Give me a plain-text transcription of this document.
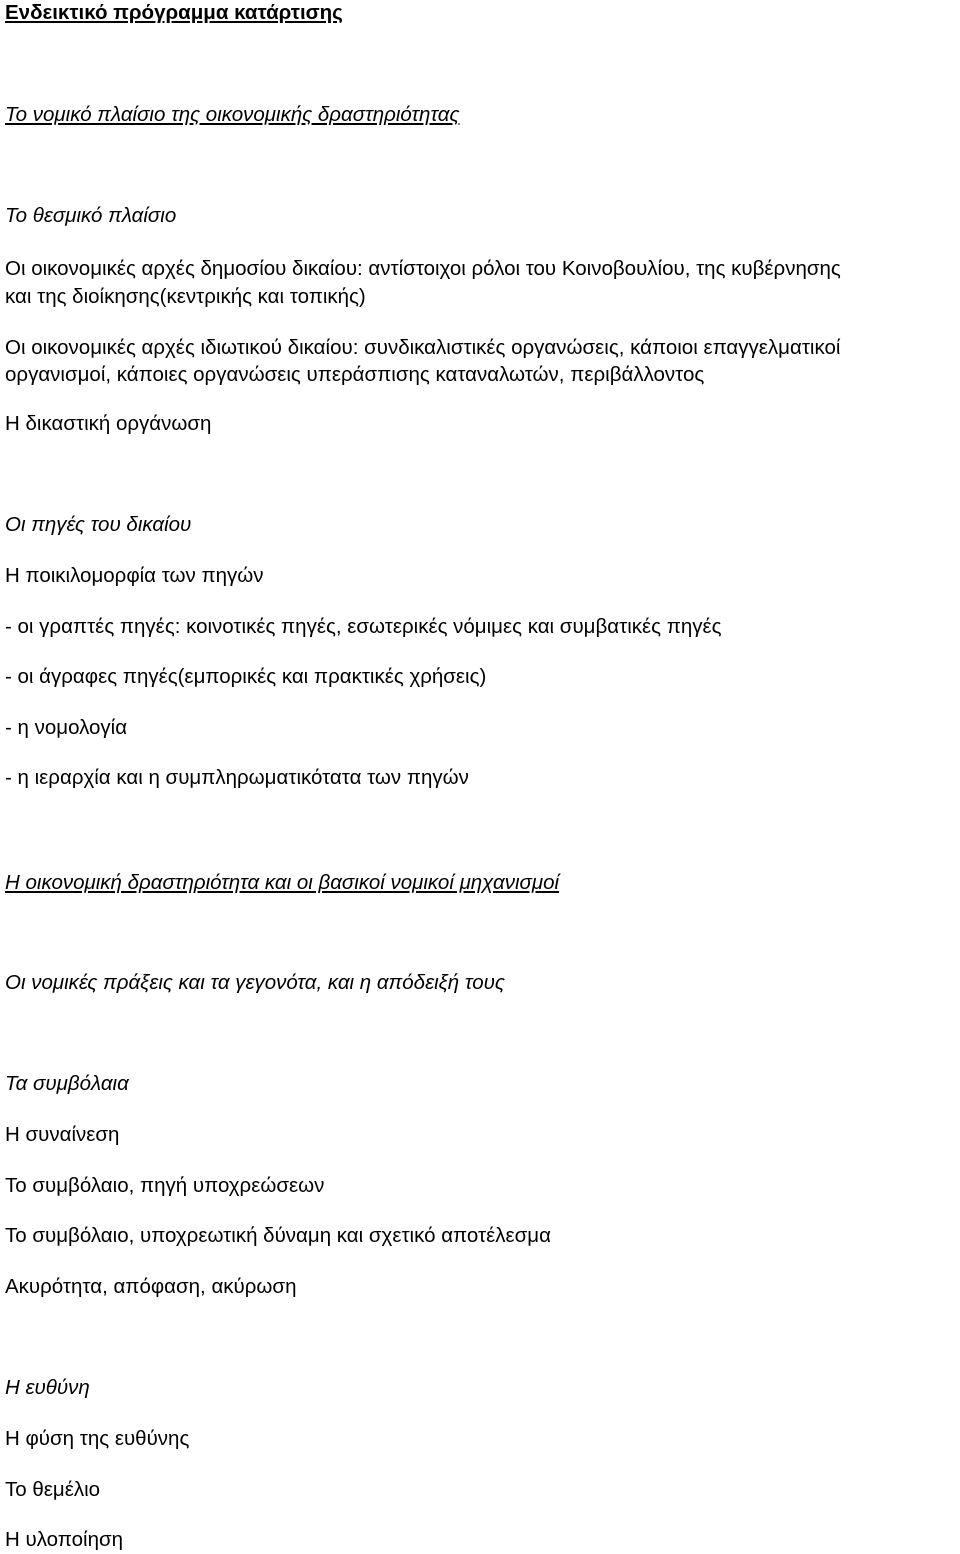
Ενδεικτικό πρόγραμμα κατάρτισης

Το νομικό πλαίσιο της οικονομικής δραστηριότητας

Το θεσμικό πλαίσιο

Οι οικονομικές αρχές δημοσίου δικαίου: αντίστοιχοι ρόλοι του Κοινοβουλίου, της κυβέρνησης

και της διοίκησης(κεντρικής και τοπικής)

Οι οικονομικές αρχές ιδιωτικού δικαίου: συνδικαλιστικές οργανώσεις, κάποιοι επαγγελματικοί

οργανισμοί, κάποιες οργανώσεις υπεράσπισης καταναλωτών, περιβάλλοντος

Η δικαστική οργάνωση

Οι πηγές του δικαίου

Η ποικιλομορφία των πηγών

- οι γραπτές πηγές: κοινοτικές πηγές, εσωτερικές νόμιμες και συμβατικές πηγές

- οι άγραφες πηγές(εμπορικές και πρακτικές χρήσεις)

- η νομολογία

- η ιεραρχία και η συμπληρωματικότατα των πηγών

Η οικονομική δραστηριότητα και οι βασικοί νομικοί μηχανισμοί

Οι νομικές πράξεις και τα γεγονότα, και η απόδειξή τους

Τα συμβόλαια

Η συναίνεση

Το συμβόλαιο, πηγή υποχρεώσεων

Το συμβόλαιο, υποχρεωτική δύναμη και σχετικό αποτέλεσμα

Ακυρότητα, απόφαση, ακύρωση

Η ευθύνη

Η φύση της ευθύνης

Το θεμέλιο

Η υλοποίηση
